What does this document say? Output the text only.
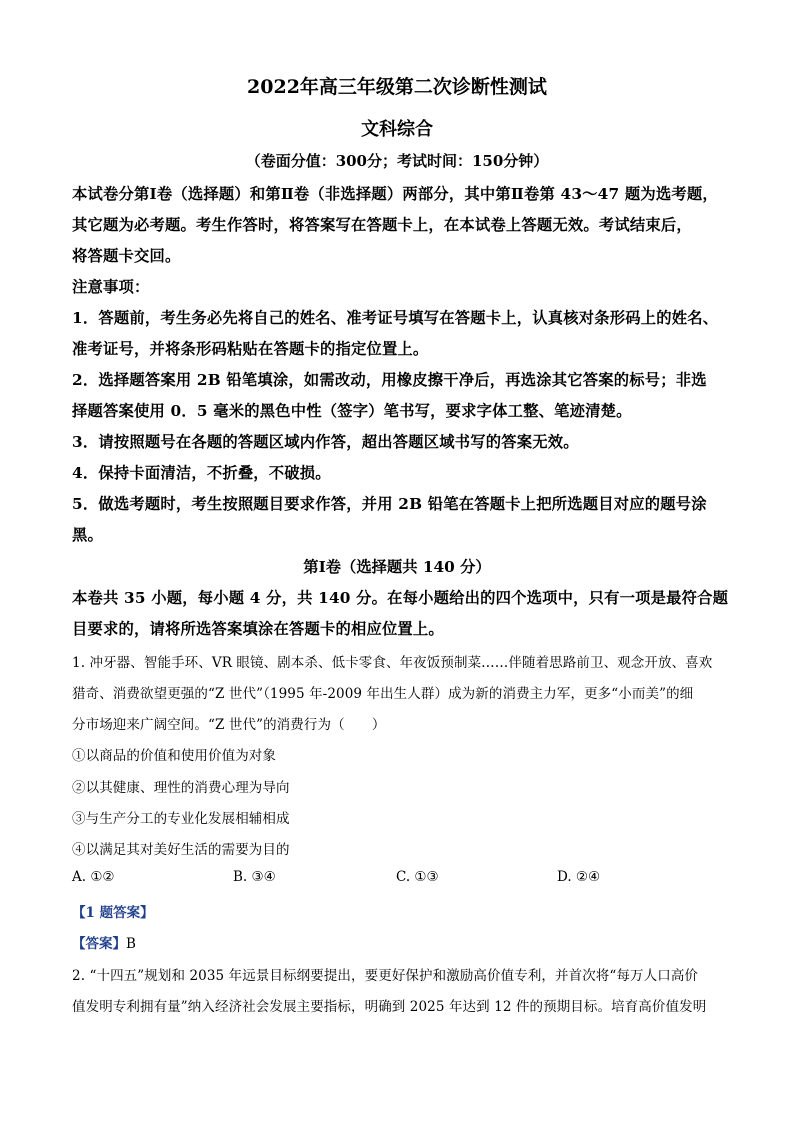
2022年高三年级第二次诊断性测试
文科综合
（卷面分值：300分；考试时间：150分钟）
本试卷分第Ⅰ卷（选择题）和第Ⅱ卷（非选择题）两部分，其中第Ⅱ卷第 43～47 题为选考题，
其它题为必考题。考生作答时，将答案写在答题卡上，在本试卷上答题无效。考试结束后，
将答题卡交回。
注意事项：
1．答题前，考生务必先将自己的姓名、准考证号填写在答题卡上，认真核对条形码上的姓名、
准考证号，并将条形码粘贴在答题卡的指定位置上。
2．选择题答案用 2B 铅笔填涂，如需改动，用橡皮擦干净后，再选涂其它答案的标号；非选
择题答案使用 0．5 毫米的黑色中性（签字）笔书写，要求字体工整、笔迹清楚。
3．请按照题号在各题的答题区域内作答，超出答题区域书写的答案无效。
4．保持卡面清洁，不折叠，不破损。
5．做选考题时，考生按照题目要求作答，并用 2B 铅笔在答题卡上把所选题目对应的题号涂
黑。
第Ⅰ卷（选择题共 140 分）
本卷共 35 小题，每小题 4 分，共 140 分。在每小题给出的四个选项中，只有一项是最符合题
目要求的，请将所选答案填涂在答题卡的相应位置上。
1. 冲牙器、智能手环、VR 眼镜、剧本杀、低卡零食、年夜饭预制菜……伴随着思路前卫、观念开放、喜欢
猎奇、消费欲望更强的“Z 世代”（1995 年-2009 年出生人群）成为新的消费主力军，更多“小而美”的细
分市场迎来广阔空间。“Z 世代”的消费行为（　　）
①以商品的价值和使用价值为对象
②以其健康、理性的消费心理为导向
③与生产分工的专业化发展相辅相成
④以满足其对美好生活的需要为目的
A. ①②	B. ③④	C. ①③	D. ②④
【1 题答案】
【答案】B
2. “十四五”规划和 2035 年远景目标纲要提出，要更好保护和激励高价值专利，并首次将“每万人口高价
值发明专利拥有量”纳入经济社会发展主要指标，明确到 2025 年达到 12 件的预期目标。培育高价值发明
